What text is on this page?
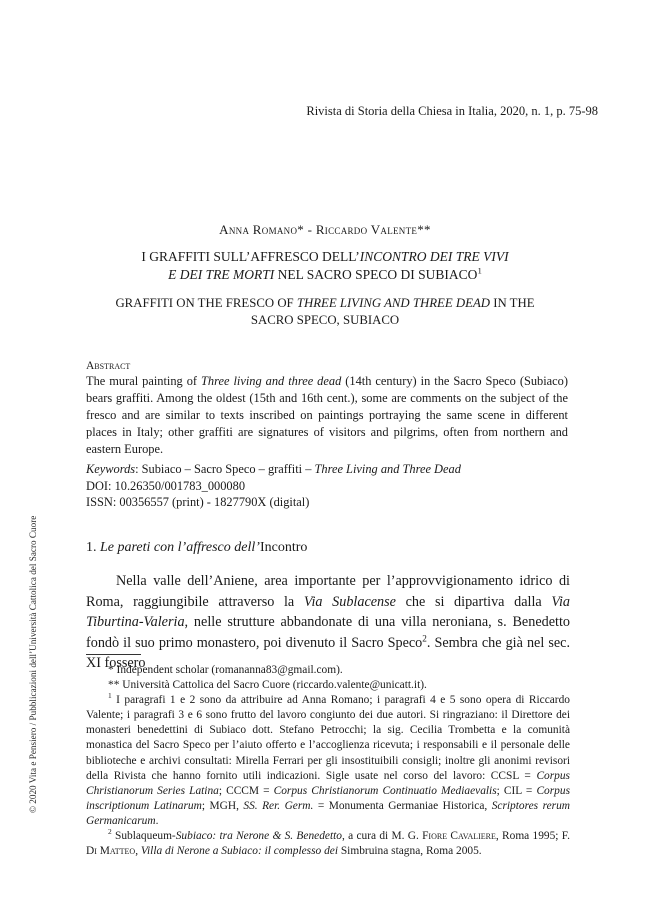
Rivista di Storia della Chiesa in Italia, 2020, n. 1, p. 75-98
Anna Romano* - Riccardo Valente**
I GRAFFITI SULL’AFFRESCO DELL’INCONTRO DEI TRE VIVI
E DEI TRE MORTI NEL SACRO SPECO DI SUBIACO$^1$
GRAFFITI ON THE FRESCO OF THREE LIVING AND THREE DEAD IN THE
SACRO SPECO, SUBIACO
Abstract
The mural painting of Three living and three dead (14th century) in the Sacro Speco (Subiaco) bears graffiti. Among the oldest (15th and 16th cent.), some are comments on the subject of the fresco and are similar to texts inscribed on paintings portraying the same scene in different places in Italy; other graffiti are signatures of visitors and pilgrims, often from northern and eastern Europe.
Keywords: Subiaco – Sacro Speco – graffiti – Three Living and Three Dead
DOI: 10.26350/001783_000080
ISSN: 00356557 (print) - 1827790X (digital)
1. Le pareti con l’affresco dell’Incontro

Nella valle dell’Aniene, area importante per l’approvvigionamento idrico di Roma, raggiungibile attraverso la Via Sublacense che si dipartiva dalla Via Tiburtina-Valeria, nelle strutture abbandonate di una villa neroniana, s. Benedetto fondò il suo primo monastero, poi divenuto il Sacro Speco$^2$. Sembra che già nel sec. XI fossero

* Independent scholar (romananna83@gmail.com).

** Università Cattolica del Sacro Cuore (riccardo.valente@unicatt.it).

$^1$ I paragrafi 1 e 2 sono da attribuire ad Anna Romano; i paragrafi 4 e 5 sono opera di Riccardo Valente; i paragrafi 3 e 6 sono frutto del lavoro congiunto dei due autori. Si ringraziano: il Direttore dei monasteri benedettini di Subiaco dott. Stefano Petrocchi; la sig. Cecilia Trombetta e la comunità monastica del Sacro Speco per l’aiuto offerto e l’accoglienza ricevuta; i responsabili e il personale delle biblioteche e archivi consultati: Mirella Ferrari per gli insostituibili consigli; inoltre gli anonimi revisori della Rivista che hanno fornito utili indicazioni. Sigle usate nel corso del lavoro: CCSL = Corpus Christianorum Series Latina; CCCM = Corpus Christianorum Continuatio Mediaevalis; CIL = Corpus inscriptionum Latinarum; MGH, SS. Rer. Germ. = Monumenta Germaniae Historica, Scriptores rerum Germanicarum.

$^2$ Sublaqueum-Subiaco: tra Nerone & S. Benedetto, a cura di M. G. Fiore Cavaliere, Roma 1995; F. Di Matteo, Villa di Nerone a Subiaco: il complesso dei Simbruina stagna, Roma 2005.

© 2020 Vita e Pensiero / Pubblicazioni dell’Università Cattolica del Sacro Cuore
